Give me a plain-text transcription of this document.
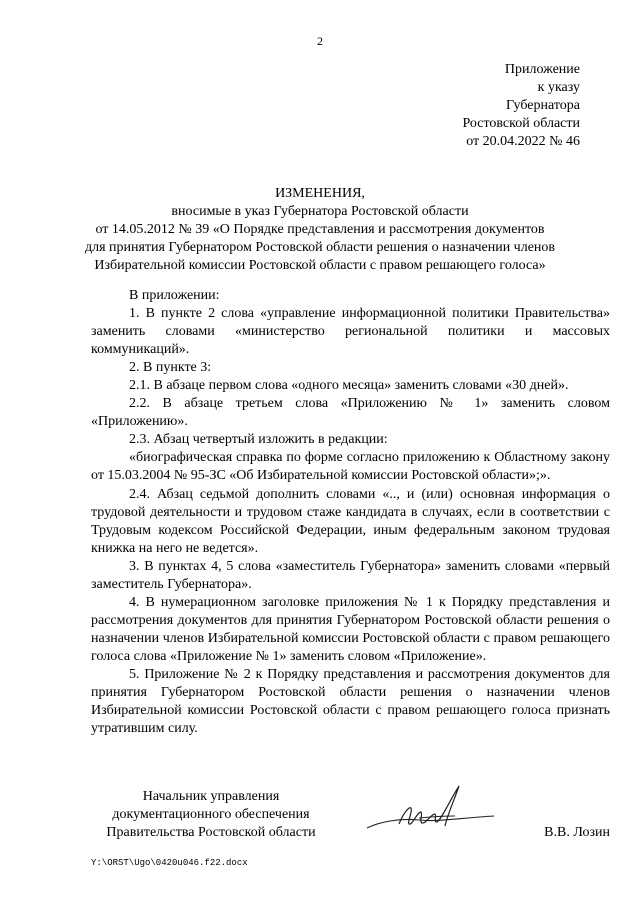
2
Приложение
к указу
Губернатора
Ростовской области
от 20.04.2022 № 46
ИЗМЕНЕНИЯ,
вносимые в указ Губернатора Ростовской области
от 14.05.2012 № 39 «О Порядке представления и рассмотрения документов
для принятия Губернатором Ростовской области решения о назначении членов
Избирательной комиссии Ростовской области с правом решающего голоса»

В приложении:

1. В пункте 2 слова «управление информационной политики Правительства» заменить словами «министерство региональной политики и массовых коммуникаций».

2. В пункте 3:

2.1. В абзаце первом слова «одного месяца» заменить словами «30 дней».

2.2. В абзаце третьем слова «Приложению № 1» заменить словом «Приложению».

2.3. Абзац четвертый изложить в редакции:

«биографическая справка по форме согласно приложению к Областному закону от 15.03.2004 № 95-ЗС «Об Избирательной комиссии Ростовской области»;».

2.4. Абзац седьмой дополнить словами «.., и (или) основная информация о трудовой деятельности и трудовом стаже кандидата в случаях, если в соответствии с Трудовым кодексом Российской Федерации, иным федеральным законом трудовая книжка на него не ведется».

3. В пунктах 4, 5 слова «заместитель Губернатора» заменить словами «первый заместитель Губернатора».

4. В нумерационном заголовке приложения № 1 к Порядку представления и рассмотрения документов для принятия Губернатором Ростовской области решения о назначении членов Избирательной комиссии Ростовской области с правом решающего голоса слова «Приложение № 1» заменить словом «Приложение».

5. Приложение № 2 к Порядку представления и рассмотрения документов для принятия Губернатором Ростовской области решения о назначении членов Избирательной комиссии Ростовской области с правом решающего голоса признать утратившим силу.

Начальник управления
документационного обеспечения
Правительства Ростовской области	В.В. Лозин
Y:\ORST\Ugo\0420u046.f22.docx
